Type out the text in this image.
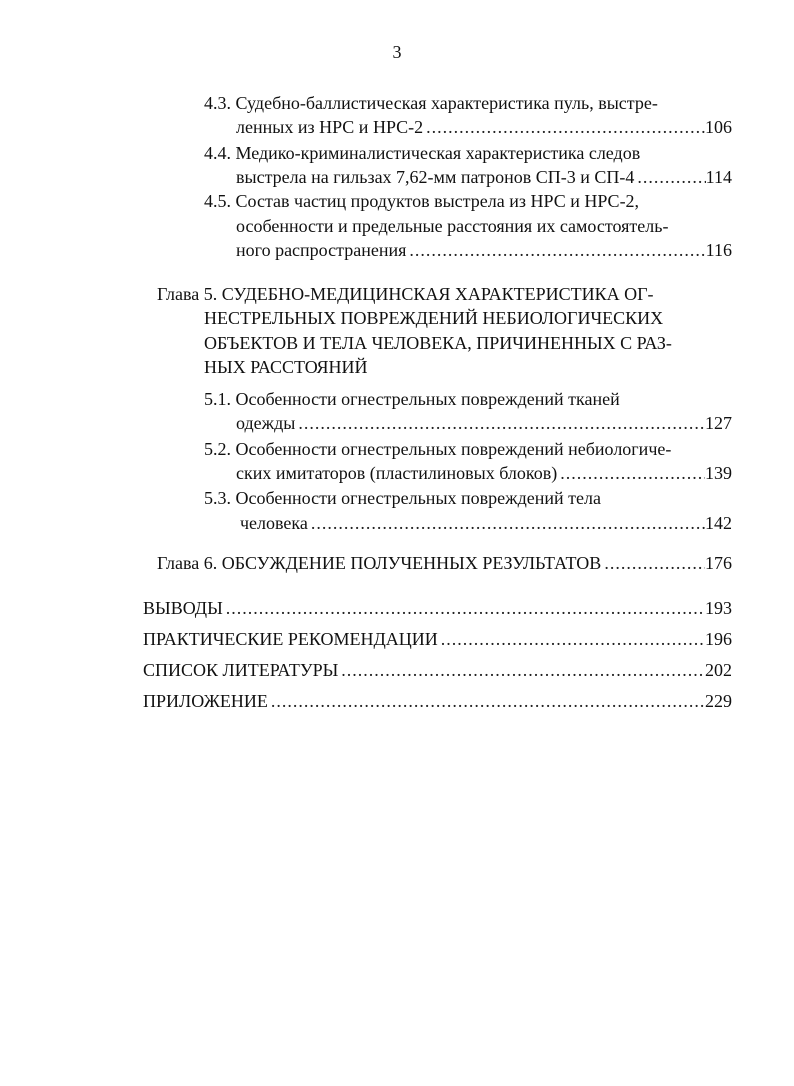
3
4.3. Судебно-баллистическая характеристика пуль, выстре-
ленных из НРС и НРС-2 .....	106
4.4. Медико-криминалистическая характеристика следов
выстрела на гильзах 7,62-мм патронов СП-3 и СП-4 .....	114
4.5. Состав частиц продуктов выстрела из НРС и НРС-2,
особенности и предельные расстояния их самостоятель-
ного распространения .....	116
Глава 5. СУДЕБНО-МЕДИЦИНСКАЯ ХАРАКТЕРИСТИКА ОГ-
НЕСТРЕЛЬНЫХ ПОВРЕЖДЕНИЙ НЕБИОЛОГИЧЕСКИХ
ОБЪЕКТОВ И ТЕЛА ЧЕЛОВЕКА, ПРИЧИНЕННЫХ С РАЗ-
НЫХ РАССТОЯНИЙ
5.1. Особенности огнестрельных повреждений тканей
одежды .....	127
5.2. Особенности огнестрельных повреждений небиологиче-
ских имитаторов (пластилиновых блоков) .....	139
5.3. Особенности огнестрельных повреждений тела
человека .....	142
Глава 6. ОБСУЖДЕНИЕ ПОЛУЧЕННЫХ РЕЗУЛЬТАТОВ .....	176
ВЫВОДЫ .....	193
ПРАКТИЧЕСКИЕ РЕКОМЕНДАЦИИ .....	196
СПИСОК ЛИТЕРАТУРЫ .....	202
ПРИЛОЖЕНИЕ .....	229
